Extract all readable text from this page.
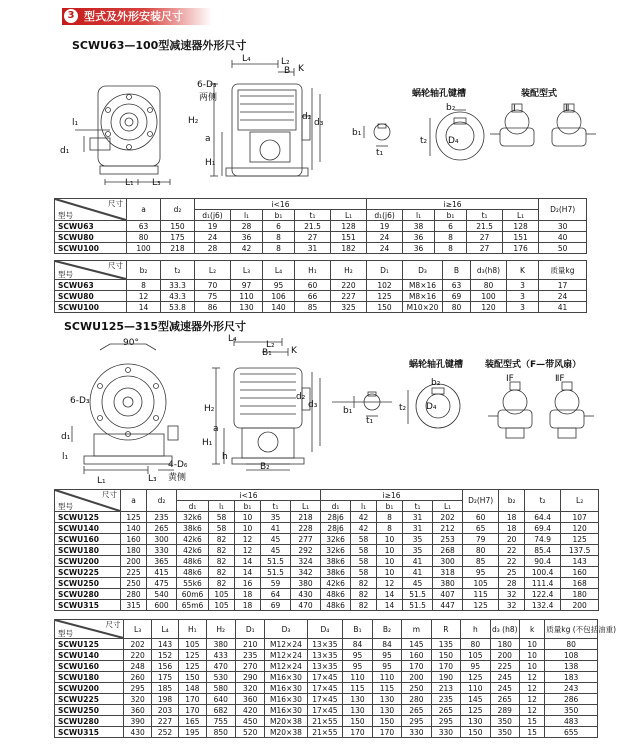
3 型式及外形安装尺寸
SCWU63—100型减速器外形尺寸
6-D₃
两侧
l₁
d₁
L₁ L₃
L₄	L₂
B K
H₂
a
H₁
d₂
d₃
b₁
t₁
b₂
t₂ D₄
蜗轮轴孔键槽	装配型式
Ⅰ	Ⅱ
尺寸
型号	a	d₂	i<16					i≥16					D₂(H7)
			d₁(j6)	l₁	b₁	t₁	L₁	d₁(j6)	l₁	b₁	t₁	L₁	
SCWU63	63	150	19	28	6	21.5	128	19	38	6	21.5	128	30
SCWU80	80	175	24	36	8	27	151	24	36	8	27	151	40
SCWU100	100	218	28	42	8	31	182	24	36	8	27	176	50
尺寸
型号	b₂	t₂	L₂	L₃	L₄	H₁	H₂	D₁	D₃	B	d₃(h8)	K	质量kg
SCWU63	8	33.3	70	97	95	60	220	102	M8×16	63	80	3	17
SCWU80	12	43.3	75	110	106	66	227	125	M8×16	69	100	3	24
SCWU100	14	53.8	86	130	140	85	325	150	M10×20	80	120	3	41
SCWU125—315型减速器外形尺寸
90°
6-D₃
d₁
l₁
L₁	L₃
4-D₆
黄侧
L₄
L₂
B₁ K
H₂
a
H₁
h
B₂
d₂
d₃
b₁
t₁
b₂
t₂ D₄
蜗轮轴孔键槽 装配型式（F—带风扇）
ⅠF	ⅡF
尺寸
型号	a	d₂	i<16					i≥16					D₂(H7)	b₂	t₂	L₂
			d₁	l₁	b₁	t₁	L₁	d₁	l₁	b₁	t₁	L₁				
SCWU125	125	235	32k6	58	10	35	218	28j6	42	8	31	202	60	18	64.4	107
SCWU140	140	265	38k6	58	10	41	228	28j6	42	8	31	212	65	18	69.4	120
SCWU160	160	300	42k6	82	12	45	277	32k6	58	10	35	253	79	20	74.9	125
SCWU180	180	330	42k6	82	12	45	292	32k6	58	10	35	268	80	22	85.4	137.5
SCWU200	200	365	48k6	82	14	51.5	324	38k6	58	10	41	300	85	22	90.4	143
SCWU225	225	415	48k6	82	14	51.5	342	38k6	58	10	41	318	95	25	100.4	160
SCWU250	250	475	55k6	82	16	59	380	42k6	82	12	45	380	105	28	111.4	168
SCWU280	280	540	60m6	105	18	64	430	48k6	82	14	51.5	407	115	32	122.4	180
SCWU315	315	600	65m6	105	18	69	470	48k6	82	14	51.5	447	125	32	132.4	200
尺寸
型号	L₃	L₄	H₁	H₂	D₁	D₃	D₄	B₁	B₂	m	R	h	d₃ (h8)	k	质量kg (不包括油重)
SCWU125	202	143	105	380	210	M12×24	13×35	84	84	145	135	80	180	10	80
SCWU140	220	152	125	433	235	M12×24	13×35	95	95	160	150	105	200	10	108
SCWU160	248	156	125	470	270	M12×24	13×35	95	95	170	170	95	225	10	138
SCWU180	260	175	150	530	290	M16×30	17×45	110	110	200	190	125	245	12	183
SCWU200	295	185	148	580	320	M16×30	17×45	115	115	250	213	110	245	12	243
SCWU225	320	198	170	640	360	M16×30	17×45	130	130	280	235	145	265	12	286
SCWU250	360	203	170	682	420	M16×30	17×45	130	130	265	265	125	289	12	350
SCWU280	390	227	165	755	450	M20×38	21×55	150	150	295	295	130	350	15	483
SCWU315	430	252	195	850	520	M20×38	21×55	170	170	330	330	150	350	15	655
